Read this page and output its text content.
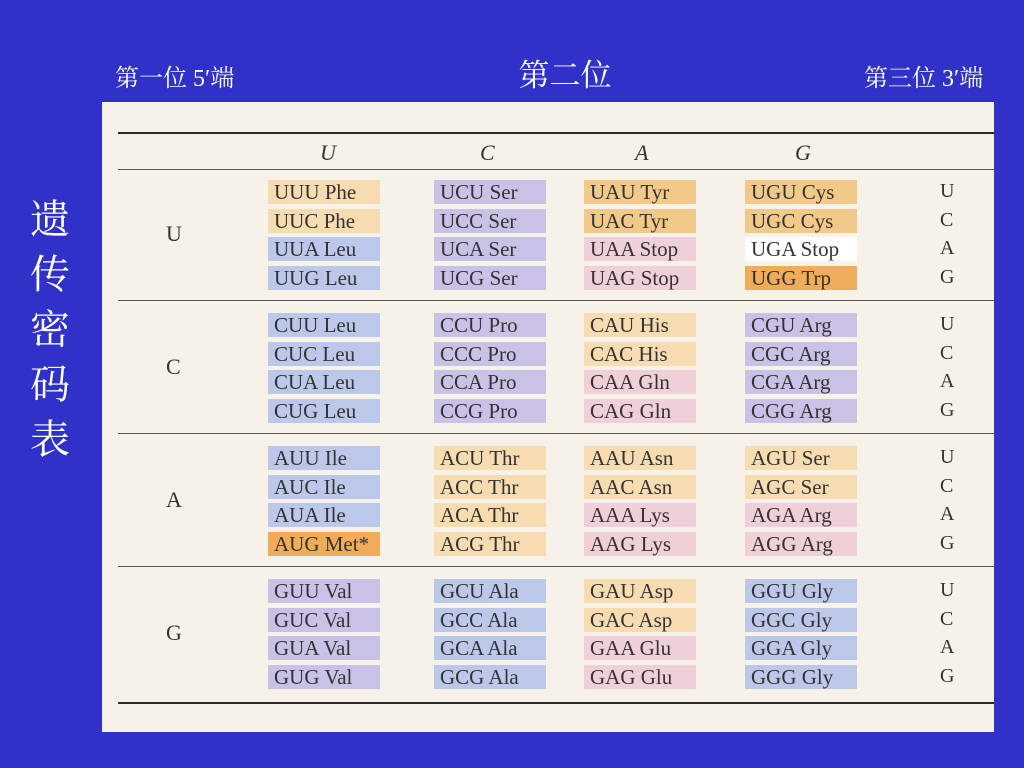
第一位 5′端	第二位	第三位 3′端
遗
传
密
码
表
U	C	A	G
U
UUU Phe	UCU Ser	UAU Tyr	UGU Cys	U
UUC Phe	UCC Ser	UAC Tyr	UGC Cys	C
UUA Leu	UCA Ser	UAA Stop	UGA Stop	A
UUG Leu	UCG Ser	UAG Stop	UGG Trp	G
C
CUU Leu	CCU Pro	CAU His	CGU Arg	U
CUC Leu	CCC Pro	CAC His	CGC Arg	C
CUA Leu	CCA Pro	CAA Gln	CGA Arg	A
CUG Leu	CCG Pro	CAG Gln	CGG Arg	G
A
AUU Ile	ACU Thr	AAU Asn	AGU Ser	U
AUC Ile	ACC Thr	AAC Asn	AGC Ser	C
AUA Ile	ACA Thr	AAA Lys	AGA Arg	A
AUG Met*	ACG Thr	AAG Lys	AGG Arg	G
G
GUU Val	GCU Ala	GAU Asp	GGU Gly	U
GUC Val	GCC Ala	GAC Asp	GGC Gly	C
GUA Val	GCA Ala	GAA Glu	GGA Gly	A
GUG Val	GCG Ala	GAG Glu	GGG Gly	G
